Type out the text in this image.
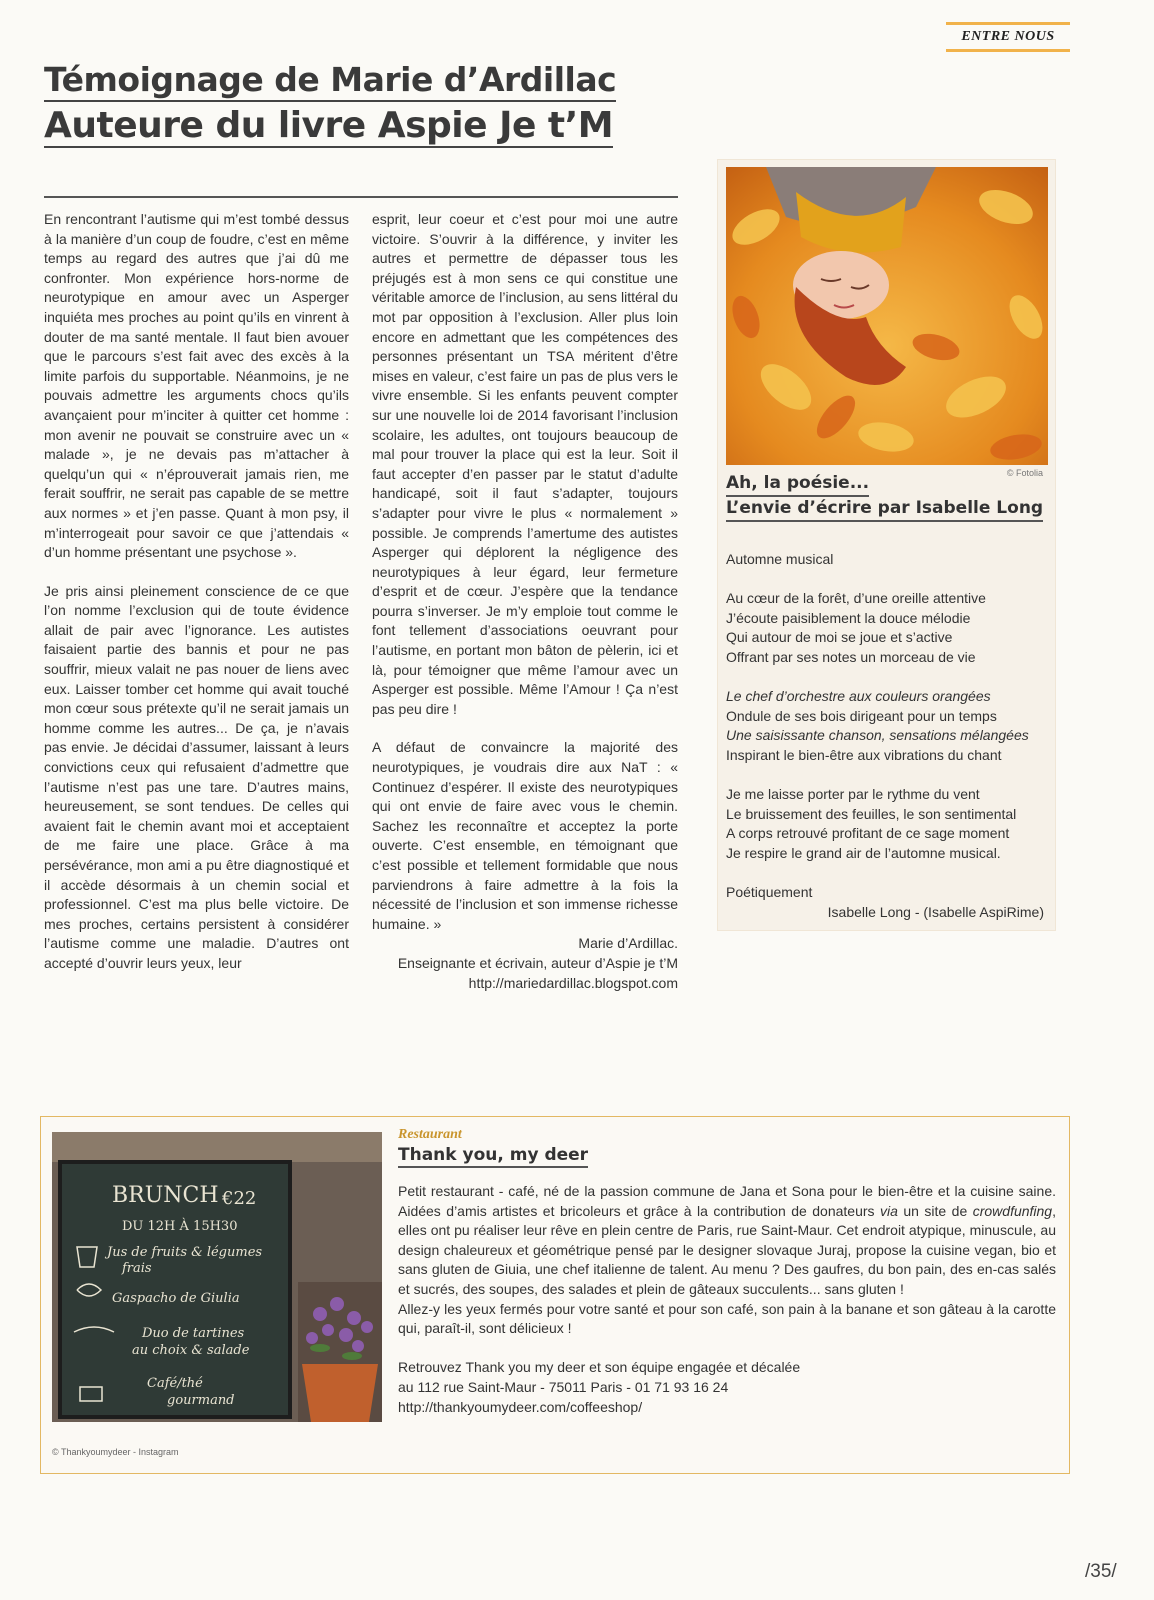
ENTRE NOUS
Témoignage de Marie d’Ardillac
Auteure du livre Aspie Je t’M

En rencontrant l’autisme qui m’est tombé dessus à la manière d’un coup de foudre, c’est en même temps au regard des autres que j’ai dû me confronter. Mon expérience hors-norme de neurotypique en amour avec un Asperger inquiéta mes proches au point qu’ils en vinrent à douter de ma santé mentale. Il faut bien avouer que le parcours s’est fait avec des excès à la limite parfois du supportable. Néanmoins, je ne pouvais admettre les arguments chocs qu’ils avançaient pour m’inciter à quitter cet homme : mon avenir ne pouvait se construire avec un « malade », je ne devais pas m’attacher à quelqu’un qui « n’éprouverait jamais rien, me ferait souffrir, ne serait pas capable de se mettre aux normes » et j’en passe. Quant à mon psy, il m’interrogeait pour savoir ce que j’attendais « d’un homme présentant une psychose ».

Je pris ainsi pleinement conscience de ce que l’on nomme l’exclusion qui de toute évidence allait de pair avec l’ignorance. Les autistes faisaient partie des bannis et pour ne pas souffrir, mieux valait ne pas nouer de liens avec eux. Laisser tomber cet homme qui avait touché mon cœur sous prétexte qu’il ne serait jamais un homme comme les autres... De ça, je n’avais pas envie. Je décidai d’assumer, laissant à leurs convictions ceux qui refusaient d’admettre que l’autisme n’est pas une tare. D’autres mains, heureusement, se sont tendues. De celles qui avaient fait le chemin avant moi et acceptaient de me faire une place. Grâce à ma persévérance, mon ami a pu être diagnostiqué et il accède désormais à un chemin social et professionnel. C’est ma plus belle victoire. De mes proches, certains persistent à considérer l’autisme comme une maladie. D’autres ont accepté d’ouvrir leurs yeux, leur

esprit, leur coeur et c’est pour moi une autre victoire. S’ouvrir à la différence, y inviter les autres et permettre de dépasser tous les préjugés est à mon sens ce qui constitue une véritable amorce de l’inclusion, au sens littéral du mot par opposition à l’exclusion. Aller plus loin encore en admettant que les compétences des personnes présentant un TSA méritent d’être mises en valeur, c’est faire un pas de plus vers le vivre ensemble. Si les enfants peuvent compter sur une nouvelle loi de 2014 favorisant l’inclusion scolaire, les adultes, ont toujours beaucoup de mal pour trouver la place qui est la leur. Soit il faut accepter d’en passer par le statut d’adulte handicapé, soit il faut s’adapter, toujours s’adapter pour vivre le plus « normalement » possible. Je comprends l’amertume des autistes Asperger qui déplorent la négligence des neurotypiques à leur égard, leur fermeture d’esprit et de cœur. J’espère que la tendance pourra s’inverser. Je m’y emploie tout comme le font tellement d’associations oeuvrant pour l’autisme, en portant mon bâton de pèlerin, ici et là, pour témoigner que même l’amour avec un Asperger est possible. Même l’Amour ! Ça n’est pas peu dire !

A défaut de convaincre la majorité des neurotypiques, je voudrais dire aux NaT : « Continuez d’espérer. Il existe des neurotypiques qui ont envie de faire avec vous le chemin. Sachez les reconnaître et acceptez la porte ouverte. C’est ensemble, en témoignant que c’est possible et tellement formidable que nous parviendrons à faire admettre à la fois la nécessité de l’inclusion et son immense richesse humaine. »

Marie d’Ardillac.
Enseignante et écrivain, auteur d’Aspie je t’M
http://mariedardillac.blogspot.com
© Fotolia
Ah, la poésie...
L’envie d’écrire par Isabelle Long
Automne musical
Au cœur de la forêt, d’une oreille attentive
J’écoute paisiblement la douce mélodie
Qui autour de moi se joue et s’active
Offrant par ses notes un morceau de vie
Le chef d’orchestre aux couleurs orangées
Ondule de ses bois dirigeant pour un temps
Une saisissante chanson, sensations mélangées
Inspirant le bien-être aux vibrations du chant
Je me laisse porter par le rythme du vent
Le bruissement des feuilles, le son sentimental
A corps retrouvé profitant de ce sage moment
Je respire le grand air de l’automne musical.
Poétiquement
Isabelle Long - (Isabelle AspiRime)
BRUNCH €22
DU 12H À 15H30
Jus de fruits & légumes
frais
Gaspacho de Giulia
Duo de tartines
au choix & salade
Café/thé
gourmand
© Thankyoumydeer - Instagram
Restaurant
Thank you, my deer

Petit restaurant - café, né de la passion commune de Jana et Sona pour le bien-être et la cuisine saine. Aidées d’amis artistes et bricoleurs et grâce à la contribution de donateurs via un site de crowdfunfing, elles ont pu réaliser leur rêve en plein centre de Paris, rue Saint-Maur. Cet endroit atypique, minuscule, au design chaleureux et géométrique pensé par le designer slovaque Juraj, propose la cuisine vegan, bio et sans gluten de Giuia, une chef italienne de talent. Au menu ? Des gaufres, du bon pain, des en-cas salés et sucrés, des soupes, des salades et plein de gâteaux succulents... sans gluten !

Allez-y les yeux fermés pour votre santé et pour son café, son pain à la banane et son gâteau à la carotte qui, paraît-il, sont délicieux !

Retrouvez Thank you my deer et son équipe engagée et décalée
au 112 rue Saint-Maur - 75011 Paris - 01 71 93 16 24
http://thankyoumydeer.com/coffeeshop/

/35/
